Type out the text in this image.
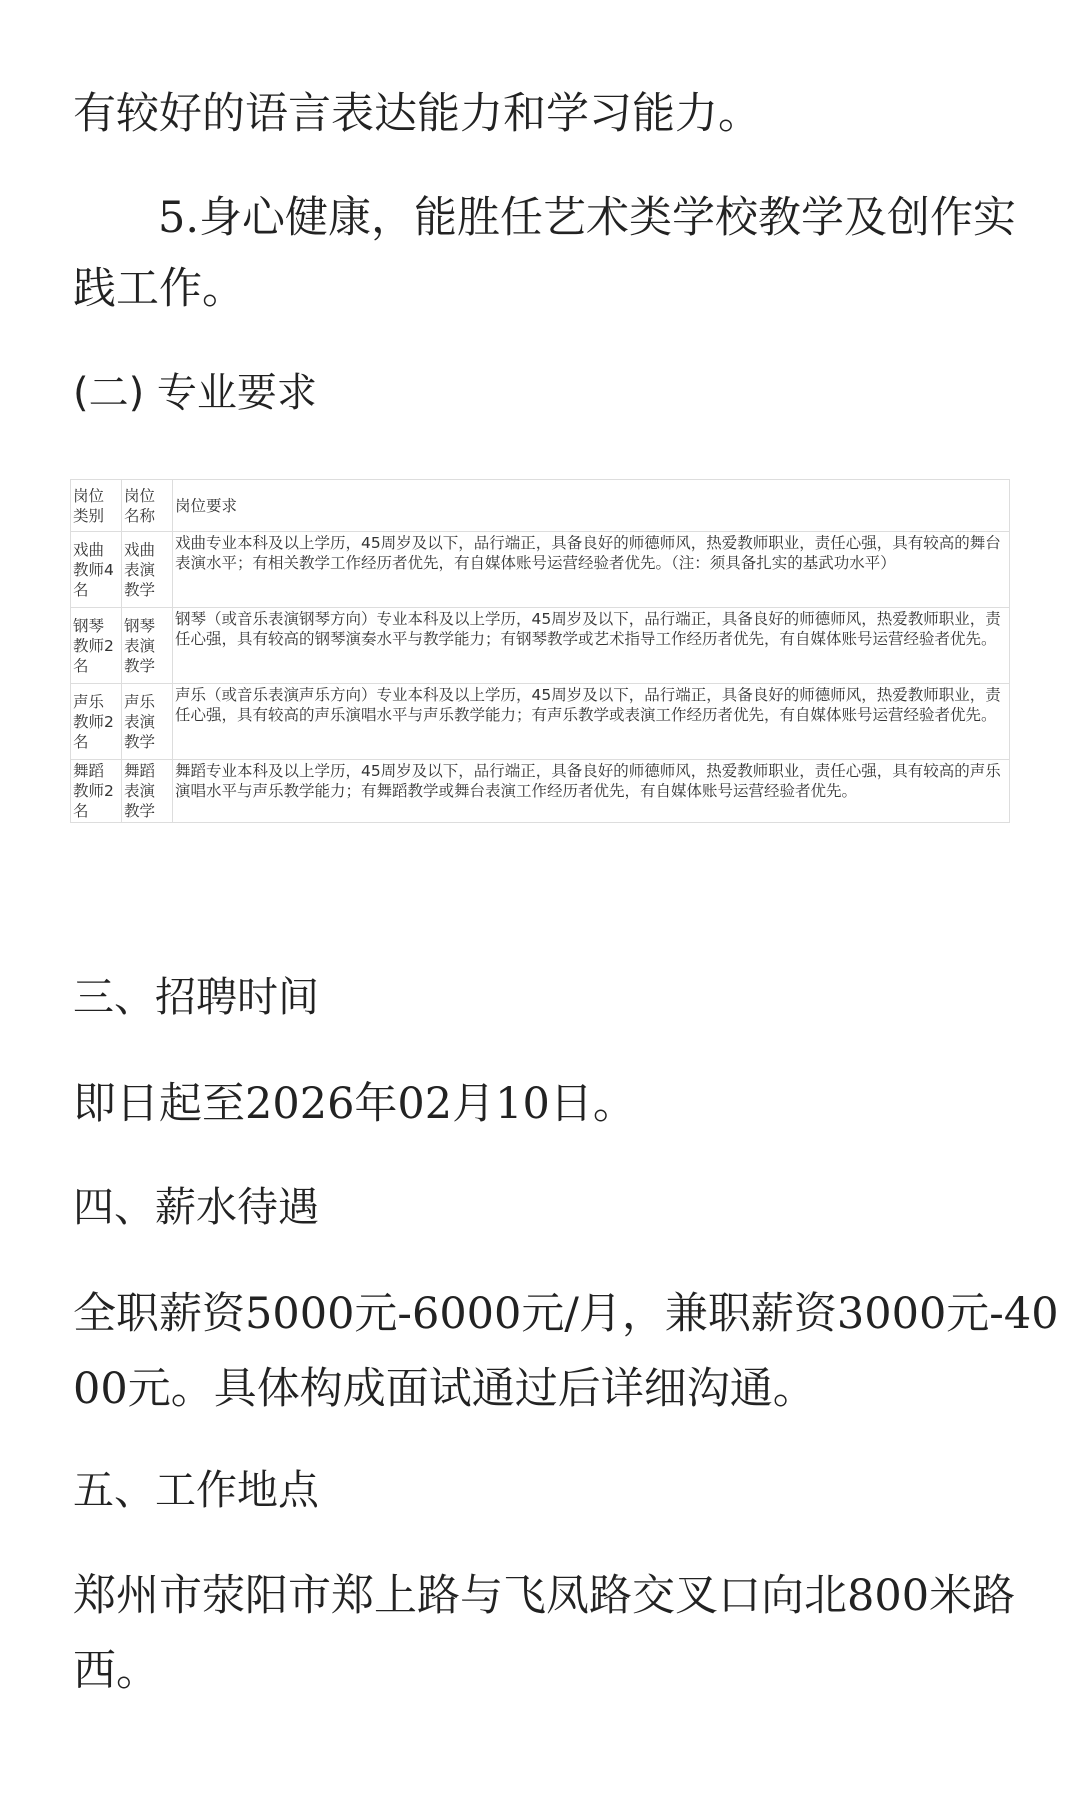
有较好的语言表达能力和学习能力。
5.身心健康，能胜任艺术类学校教学及创作实
践工作。
(二) 专业要求
岗位类别	岗位名称	岗位要求
戏曲教师4名	戏曲表演教学	戏曲专业本科及以上学历，45周岁及以下，品行端正，具备良好的师德师风，热爱教师职业，责任心强，具有较高的舞台表演水平；有相关教学工作经历者优先，有自媒体账号运营经验者优先。（注：须具备扎实的基武功水平）
钢琴教师2名	钢琴表演教学	钢琴（或音乐表演钢琴方向）专业本科及以上学历，45周岁及以下，品行端正，具备良好的师德师风，热爱教师职业，责任心强，具有较高的钢琴演奏水平与教学能力；有钢琴教学或艺术指导工作经历者优先，有自媒体账号运营经验者优先。
声乐教师2名	声乐表演教学	声乐（或音乐表演声乐方向）专业本科及以上学历，45周岁及以下，品行端正，具备良好的师德师风，热爱教师职业，责任心强，具有较高的声乐演唱水平与声乐教学能力；有声乐教学或表演工作经历者优先，有自媒体账号运营经验者优先。
舞蹈教师2名	舞蹈表演教学	舞蹈专业本科及以上学历，45周岁及以下，品行端正，具备良好的师德师风，热爱教师职业，责任心强，具有较高的声乐演唱水平与声乐教学能力；有舞蹈教学或舞台表演工作经历者优先，有自媒体账号运营经验者优先。
三、招聘时间
即日起至2026年02月10日。
四、薪水待遇
全职薪资5000元-6000元/月，兼职薪资3000元-40
00元。具体构成面试通过后详细沟通。
五、工作地点
郑州市荥阳市郑上路与飞凤路交叉口向北800米路
西。
